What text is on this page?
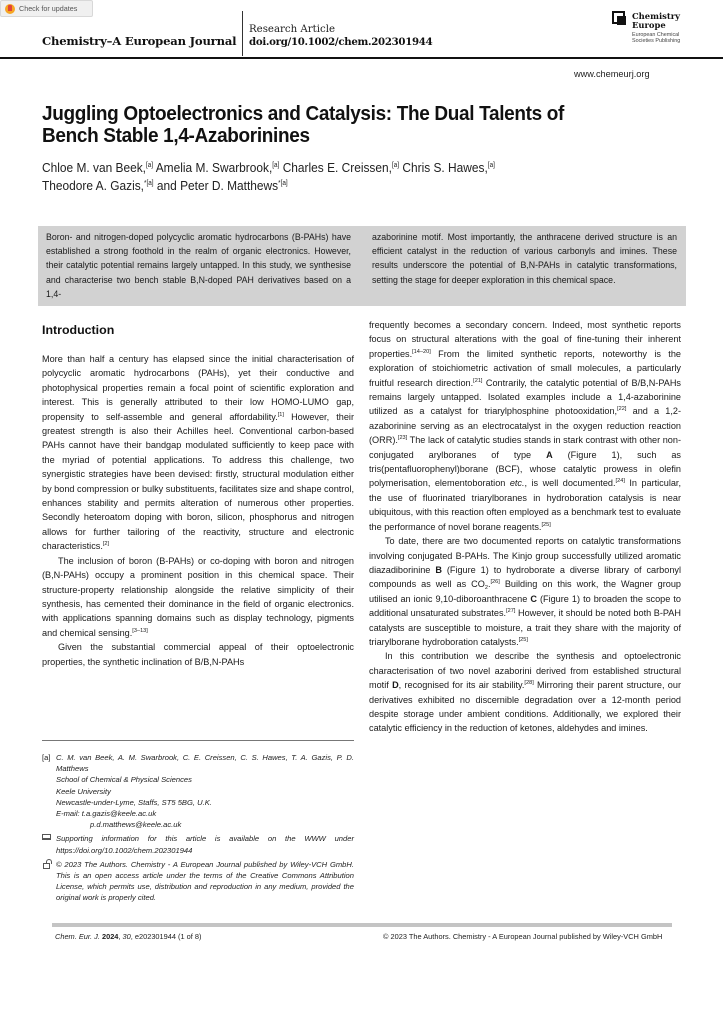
Check for updates
Chemistry–A European Journal
Research Article
doi.org/10.1002/chem.202301944
Chemistry
Europe
European Chemical
Societies Publishing
www.chemeurj.org
Juggling Optoelectronics and Catalysis: The Dual Talents of
Bench Stable 1,4-Azaborinines
Chloe M. van Beek,[a] Amelia M. Swarbrook,[a] Charles E. Creissen,[a] Chris S. Hawes,[a]
Theodore A. Gazis,$^{*[a]}$ and Peter D. Matthews$^{*[a]}$
Boron- and nitrogen-doped polycyclic aromatic hydrocarbons (B-PAHs) have established a strong foothold in the realm of organic electronics. However, their catalytic potential remains largely untapped. In this study, we synthesise and characterise two bench stable B,N-doped PAH derivatives based on a 1,4-
azaborinine motif. Most importantly, the anthracene derived structure is an efficient catalyst in the reduction of various carbonyls and imines. These results underscore the potential of B,N-PAHs in catalytic transformations, setting the stage for deeper exploration in this chemical space.
Introduction

More than half a century has elapsed since the initial characterisation of polycyclic aromatic hydrocarbons (PAHs), yet their conductive and photophysical properties remain a focal point of scientific exploration and interest. This is generally attributed to their low HOMO-LUMO gap, propensity to self-assemble and general affordability.[1] However, their greatest strength is also their Achilles heel. Conventional carbon-based PAHs cannot have their bandgap modulated sufficiently to keep pace with the myriad of potential applications. To address this challenge, two synergistic strategies have been devised: firstly, structural modulation either by bond compression or bulky substituents, facilitates size and shape control, enhances stability and permits alteration of numerous other properties. Secondly heteroatom doping with boron, silicon, phosphorus and nitrogen allows for further tailoring of the reactivity, structure and electronic characteristics.[2]

The inclusion of boron (B-PAHs) or co-doping with boron and nitrogen (B,N-PAHs) occupy a prominent position in this chemical space. Their structure-property relationship alongside the relative simplicity of their synthesis, has cemented their dominance in the field of organic electronics. with applications spanning domains such as display technology, pigments and chemical sensing.[3–13]

Given the substantial commercial appeal of their optoelectronic properties, the synthetic inclination of B/B,N-PAHs

frequently becomes a secondary concern. Indeed, most synthetic reports focus on structural alterations with the goal of fine-tuning their inherent properties.[14–20] From the limited synthetic reports, noteworthy is the exploration of stoichiometric activation of small molecules, a particularly fruitful research direction.[21] Contrarily, the catalytic potential of B/B,N-PAHs remains largely untapped. Isolated examples include a 1,4-azaborinine utilized as a catalyst for triarylphosphine photooxidation,[22] and a 1,2-azaborinine serving as an electrocatalyst in the oxygen reduction reaction (ORR).[23] The lack of catalytic studies stands in stark contrast with other non-conjugated arylboranes of type A (Figure 1), such as tris(pentafluorophenyl)borane (BCF), whose catalytic prowess in olefin polymerisation, elementoboration etc., is well documented.[24] In particular, the use of fluorinated triarylboranes in hydroboration catalysis is near ubiquitous, with this reaction often employed as a benchmark test to evaluate the performance of novel borane reagents.[25]

To date, there are two documented reports on catalytic transformations involving conjugated B-PAHs. The Kinjo group successfully utilized aromatic diazadiborinine B (Figure 1) to hydroborate a diverse library of carbonyl compounds as well as $CO_2.[26]$ Building on this work, the Wagner group utilised an ionic 9,10-diboroanthracene C (Figure 1) to broaden the scope to additional unsaturated substrates.[27] However, it should be noted both B-PAH catalysts are susceptible to moisture, a trait they share with the majority of triarylborane hydroboration catalysts.[25]

In this contribution we describe the synthesis and optoelectronic characterisation of two novel azaborini derived from established structural motif D, recognised for its air stability.[28] Mirroring their parent structure, our derivatives exhibited no discernible degradation over a 12-month period despite storage under ambient conditions. Additionally, we explored their catalytic efficiency in the reduction of ketones, aldehydes and imines.

[a] C. M. van Beek, A. M. Swarbrook, C. E. Creissen, C. S. Hawes, T. A. Gazis, P. D. Matthews
School of Chemical & Physical Sciences
Keele University
Newcastle-under-Lyme, Staffs, ST5 5BG, U.K.
E-mail: t.a.gazis@keele.ac.uk
p.d.matthews@keele.ac.uk
Supporting information for this article is available on the WWW under https://doi.org/10.1002/chem.202301944
© 2023 The Authors. Chemistry - A European Journal published by Wiley-VCH GmbH. This is an open access article under the terms of the Creative Commons Attribution License, which permits use, distribution and reproduction in any medium, provided the original work is properly cited.
Chem. Eur. J. 2024, 30, e202301944 (1 of 8)	© 2023 The Authors. Chemistry - A European Journal published by Wiley-VCH GmbH
